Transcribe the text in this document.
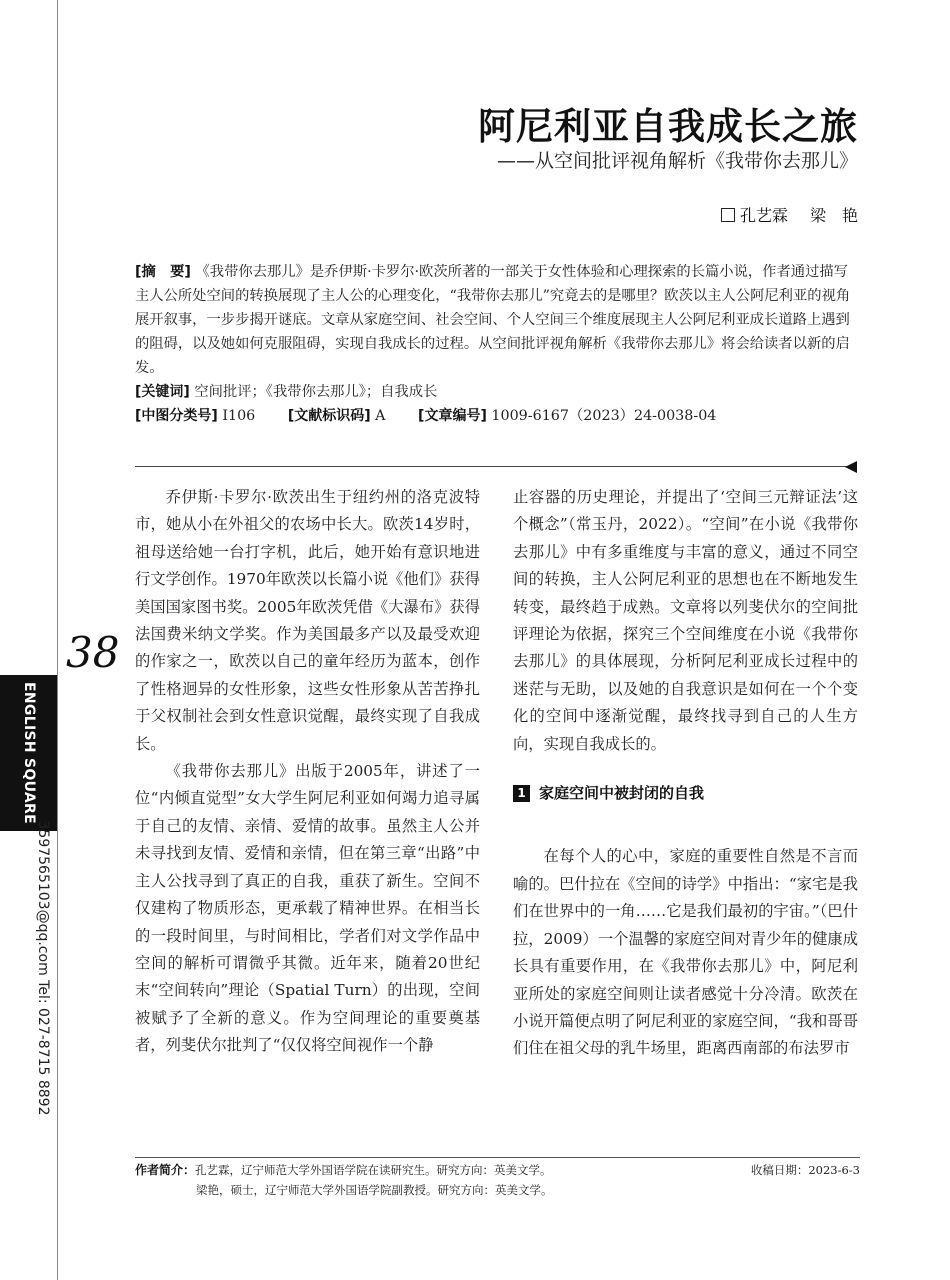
38
ENGLISH SQUARE
3597565103@qq.com Tel: 027-8715 8892
阿尼利亚自我成长之旅
——从空间批评视角解析《我带你去那儿》
孔艺霖 梁　艳

[摘　要] 《我带你去那儿》是乔伊斯·卡罗尔·欧茨所著的一部关于女性体验和心理探索的长篇小说，作者通过描写主人公所处空间的转换展现了主人公的心理变化，“我带你去那儿”究竟去的是哪里？欧茨以主人公阿尼利亚的视角展开叙事，一步步揭开谜底。文章从家庭空间、社会空间、个人空间三个维度展现主人公阿尼利亚成长道路上遇到的阻碍，以及她如何克服阻碍，实现自我成长的过程。从空间批评视角解析《我带你去那儿》将会给读者以新的启发。

[关键词] 空间批评；《我带你去那儿》；自我成长

[中图分类号] I106 [文献标识码] A [文章编号] 1009-6167（2023）24-0038-04

乔伊斯·卡罗尔·欧茨出生于纽约州的洛克波特市，她从小在外祖父的农场中长大。欧茨14岁时，祖母送给她一台打字机，此后，她开始有意识地进行文学创作。1970年欧茨以长篇小说《他们》获得美国国家图书奖。2005年欧茨凭借《大瀑布》获得法国费米纳文学奖。作为美国最多产以及最受欢迎的作家之一，欧茨以自己的童年经历为蓝本，创作了性格迥异的女性形象，这些女性形象从苦苦挣扎于父权制社会到女性意识觉醒，最终实现了自我成长。

《我带你去那儿》出版于2005年，讲述了一位“内倾直觉型”女大学生阿尼利亚如何竭力追寻属于自己的友情、亲情、爱情的故事。虽然主人公并未寻找到友情、爱情和亲情，但在第三章“出路”中主人公找寻到了真正的自我，重获了新生。空间不仅建构了物质形态，更承载了精神世界。在相当长的一段时间里，与时间相比，学者们对文学作品中空间的解析可谓微乎其微。近年来，随着20世纪末“空间转向”理论（Spatial Turn）的出现，空间被赋予了全新的意义。作为空间理论的重要奠基者，列斐伏尔批判了“仅仅将空间视作一个静

止容器的历史理论，并提出了‘空间三元辩证法’这个概念”（常玉丹，2022）。“空间”在小说《我带你去那儿》中有多重维度与丰富的意义，通过不同空间的转换，主人公阿尼利亚的思想也在不断地发生转变，最终趋于成熟。文章将以列斐伏尔的空间批评理论为依据，探究三个空间维度在小说《我带你去那儿》的具体展现，分析阿尼利亚成长过程中的迷茫与无助，以及她的自我意识是如何在一个个变化的空间中逐渐觉醒，最终找寻到自己的人生方向，实现自我成长的。

1 家庭空间中被封闭的自我

在每个人的心中，家庭的重要性自然是不言而喻的。巴什拉在《空间的诗学》中指出：“家宅是我们在世界中的一角……它是我们最初的宇宙。”（巴什拉，2009）一个温馨的家庭空间对青少年的健康成长具有重要作用，在《我带你去那儿》中，阿尼利亚所处的家庭空间则让读者感觉十分冷清。欧茨在小说开篇便点明了阿尼利亚的家庭空间，“我和哥哥们住在祖父母的乳牛场里，距离西南部的布法罗市

作者简介：孔艺霖，辽宁师范大学外国语学院在读研究生。研究方向：英美文学。	收稿日期：2023-6-3
梁艳，硕士，辽宁师范大学外国语学院副教授。研究方向：英美文学。
